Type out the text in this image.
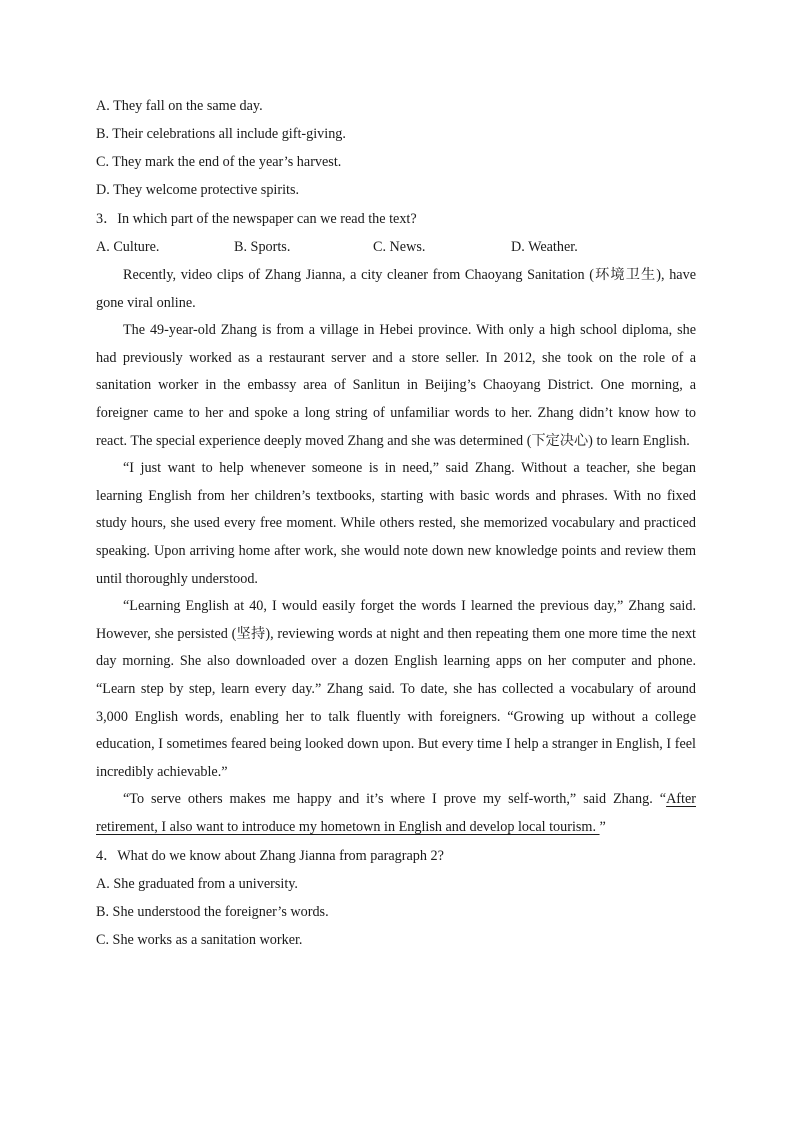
A. They fall on the same day.
B. Their celebrations all include gift-giving.
C. They mark the end of the year’s harvest.
D. They welcome protective spirits.
3．In which part of the newspaper can we read the text?
A. Culture.	B. Sports.	C. News.	D. Weather.

Recently, video clips of Zhang Jianna, a city cleaner from Chaoyang Sanitation (环境卫生), have gone viral online.

The 49-year-old Zhang is from a village in Hebei province. With only a high school diploma, she had previously worked as a restaurant server and a store seller. In 2012, she took on the role of a sanitation worker in the embassy area of Sanlitun in Beijing’s Chaoyang District. One morning, a foreigner came to her and spoke a long string of unfamiliar words to her. Zhang didn’t know how to react. The special experience deeply moved Zhang and she was determined (下定决心) to learn English.

“I just want to help whenever someone is in need,” said Zhang. Without a teacher, she began learning English from her children’s textbooks, starting with basic words and phrases. With no fixed study hours, she used every free moment. While others rested, she memorized vocabulary and practiced speaking. Upon arriving home after work, she would note down new knowledge points and review them until thoroughly understood.

“Learning English at 40, I would easily forget the words I learned the previous day,” Zhang said. However, she persisted (坚持), reviewing words at night and then repeating them one more time the next day morning. She also downloaded over a dozen English learning apps on her computer and phone. “Learn step by step, learn every day.” Zhang said. To date, she has collected a vocabulary of around 3,000 English words, enabling her to talk fluently with foreigners. “Growing up without a college education, I sometimes feared being looked down upon. But every time I help a stranger in English, I feel incredibly achievable.”

“To serve others makes me happy and it’s where I prove my self-worth,” said Zhang. “After retirement, I also want to introduce my hometown in English and develop local tourism. ”

4．What do we know about Zhang Jianna from paragraph 2?
A. She graduated from a university.
B. She understood the foreigner’s words.
C. She works as a sanitation worker.
